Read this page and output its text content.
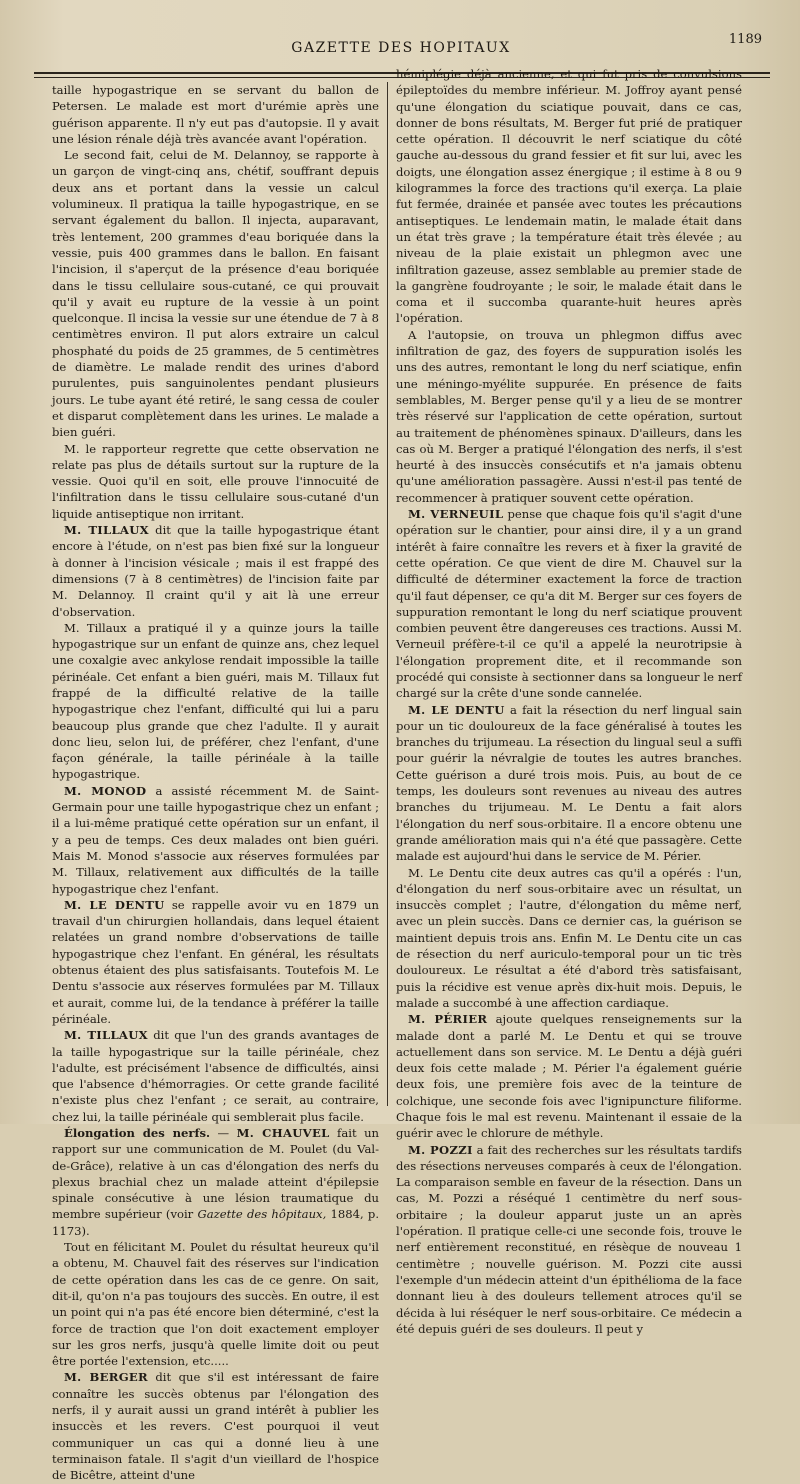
GAZETTE DES HOPITAUX
1189

taille hypogastrique en se servant du ballon de Petersen. Le malade est mort d'urémie après une guérison apparente. Il n'y eut pas d'autopsie. Il y avait une lésion rénale déjà très avancée avant l'opération.

Le second fait, celui de M. Delannoy, se rapporte à un garçon de vingt-cinq ans, chétif, souffrant depuis deux ans et portant dans la vessie un calcul volumineux. Il pratiqua la taille hypogastrique, en se servant également du ballon. Il injecta, auparavant, très lentement, 200 grammes d'eau boriquée dans la vessie, puis 400 grammes dans le ballon. En faisant l'incision, il s'aperçut de la présence d'eau boriquée dans le tissu cellulaire sous-cutané, ce qui prouvait qu'il y avait eu rupture de la vessie à un point quelconque. Il incisa la vessie sur une étendue de 7 à 8 centimètres environ. Il put alors extraire un calcul phosphaté du poids de 25 grammes, de 5 centimètres de diamètre. Le malade rendit des urines d'abord purulentes, puis sanguinolentes pendant plusieurs jours. Le tube ayant été retiré, le sang cessa de couler et disparut complètement dans les urines. Le malade a bien guéri.

M. le rapporteur regrette que cette observation ne relate pas plus de détails surtout sur la rupture de la vessie. Quoi qu'il en soit, elle prouve l'innocuité de l'infiltration dans le tissu cellulaire sous-cutané d'un liquide antiseptique non irritant.

M. TILLAUX dit que la taille hypogastrique étant encore à l'étude, on n'est pas bien fixé sur la longueur à donner à l'incision vésicale ; mais il est frappé des dimensions (7 à 8 centimètres) de l'incision faite par M. Delannoy. Il craint qu'il y ait là une erreur d'observation.

M. Tillaux a pratiqué il y a quinze jours la taille hypogastrique sur un enfant de quinze ans, chez lequel une coxalgie avec ankylose rendait impossible la taille périnéale. Cet enfant a bien guéri, mais M. Tillaux fut frappé de la difficulté relative de la taille hypogastrique chez l'enfant, difficulté qui lui a paru beaucoup plus grande que chez l'adulte. Il y aurait donc lieu, selon lui, de préférer, chez l'enfant, d'une façon générale, la taille périnéale à la taille hypogastrique.

M. MONOD a assisté récemment M. de Saint-Germain pour une taille hypogastrique chez un enfant ; il a lui-même pratiqué cette opération sur un enfant, il y a peu de temps. Ces deux malades ont bien guéri. Mais M. Monod s'associe aux réserves formulées par M. Tillaux, relativement aux difficultés de la taille hypogastrique chez l'enfant.

M. LE DENTU se rappelle avoir vu en 1879 un travail d'un chirurgien hollandais, dans lequel étaient relatées un grand nombre d'observations de taille hypogastrique chez l'enfant. En général, les résultats obtenus étaient des plus satisfaisants. Toutefois M. Le Dentu s'associe aux réserves formulées par M. Tillaux et aurait, comme lui, de la tendance à préférer la taille périnéale.

M. TILLAUX dit que l'un des grands avantages de la taille hypogastrique sur la taille périnéale, chez l'adulte, est précisément l'absence de difficultés, ainsi que l'absence d'hémorragies. Or cette grande facilité n'existe plus chez l'enfant ; ce serait, au contraire, chez lui, la taille périnéale qui semblerait plus facile.

Élongation des nerfs. — M. CHAUVEL fait un rapport sur une communication de M. Poulet (du Val-de-Grâce), relative à un cas d'élongation des nerfs du plexus brachial chez un malade atteint d'épilepsie spinale consécutive à une lésion traumatique du membre supérieur (voir Gazette des hôpitaux, 1884, p. 1173).

Tout en félicitant M. Poulet du résultat heureux qu'il a obtenu, M. Chauvel fait des réserves sur l'indication de cette opération dans les cas de ce genre. On sait, dit-il, qu'on n'a pas toujours des succès. En outre, il est un point qui n'a pas été encore bien déterminé, c'est la force de traction que l'on doit exactement employer sur les gros nerfs, jusqu'à quelle limite doit ou peut être portée l'extension, etc.....

M. BERGER dit que s'il est intéressant de faire connaître les succès obtenus par l'élongation des nerfs, il y aurait aussi un grand intérêt à publier les insuccès et les revers. C'est pourquoi il veut communiquer un cas qui a donné lieu à une terminaison fatale. Il s'agit d'un vieillard de l'hospice de Bicêtre, atteint d'une

hémiplégie déjà ancienne, et qui fut pris de convulsions épileptoïdes du membre inférieur. M. Joffroy ayant pensé qu'une élongation du sciatique pouvait, dans ce cas, donner de bons résultats, M. Berger fut prié de pratiquer cette opération. Il découvrit le nerf sciatique du côté gauche au-dessous du grand fessier et fit sur lui, avec les doigts, une élongation assez énergique ; il estime à 8 ou 9 kilogrammes la force des tractions qu'il exerça. La plaie fut fermée, drainée et pansée avec toutes les précautions antiseptiques. Le lendemain matin, le malade était dans un état très grave ; la température était très élevée ; au niveau de la plaie existait un phlegmon avec une infiltration gazeuse, assez semblable au premier stade de la gangrène foudroyante ; le soir, le malade était dans le coma et il succomba quarante-huit heures après l'opération.

A l'autopsie, on trouva un phlegmon diffus avec infiltration de gaz, des foyers de suppuration isolés les uns des autres, remontant le long du nerf sciatique, enfin une méningo-myélite suppurée. En présence de faits semblables, M. Berger pense qu'il y a lieu de se montrer très réservé sur l'application de cette opération, surtout au traitement de phénomènes spinaux. D'ailleurs, dans les cas où M. Berger a pratiqué l'élongation des nerfs, il s'est heurté à des insuccès consécutifs et n'a jamais obtenu qu'une amélioration passagère. Aussi n'est-il pas tenté de recommencer à pratiquer souvent cette opération.

M. VERNEUIL pense que chaque fois qu'il s'agit d'une opération sur le chantier, pour ainsi dire, il y a un grand intérêt à faire connaître les revers et à fixer la gravité de cette opération. Ce que vient de dire M. Chauvel sur la difficulté de déterminer exactement la force de traction qu'il faut dépenser, ce qu'a dit M. Berger sur ces foyers de suppuration remontant le long du nerf sciatique prouvent combien peuvent être dangereuses ces tractions. Aussi M. Verneuil préfère-t-il ce qu'il a appelé la neurotripsie à l'élongation proprement dite, et il recommande son procédé qui consiste à sectionner dans sa longueur le nerf chargé sur la crête d'une sonde cannelée.

M. LE DENTU a fait la résection du nerf lingual sain pour un tic douloureux de la face généralisé à toutes les branches du trijumeau. La résection du lingual seul a suffi pour guérir la névralgie de toutes les autres branches. Cette guérison a duré trois mois. Puis, au bout de ce temps, les douleurs sont revenues au niveau des autres branches du trijumeau. M. Le Dentu a fait alors l'élongation du nerf sous-orbitaire. Il a encore obtenu une grande amélioration mais qui n'a été que passagère. Cette malade est aujourd'hui dans le service de M. Périer.

M. Le Dentu cite deux autres cas qu'il a opérés : l'un, d'élongation du nerf sous-orbitaire avec un résultat, un insuccès complet ; l'autre, d'élongation du même nerf, avec un plein succès. Dans ce dernier cas, la guérison se maintient depuis trois ans. Enfin M. Le Dentu cite un cas de résection du nerf auriculo-temporal pour un tic très douloureux. Le résultat a été d'abord très satisfaisant, puis la récidive est venue après dix-huit mois. Depuis, le malade a succombé à une affection cardiaque.

M. PÉRIER ajoute quelques renseignements sur la malade dont a parlé M. Le Dentu et qui se trouve actuellement dans son service. M. Le Dentu a déjà guéri deux fois cette malade ; M. Périer l'a également guérie deux fois, une première fois avec de la teinture de colchique, une seconde fois avec l'ignipuncture filiforme. Chaque fois le mal est revenu. Maintenant il essaie de la guérir avec le chlorure de méthyle.

M. POZZI a fait des recherches sur les résultats tardifs des résections nerveuses comparés à ceux de l'élongation. La comparaison semble en faveur de la résection. Dans un cas, M. Pozzi a réséqué 1 centimètre du nerf sous-orbitaire ; la douleur apparut juste un an après l'opération. Il pratique celle-ci une seconde fois, trouve le nerf entièrement reconstitué, en résèque de nouveau 1 centimètre ; nouvelle guérison. M. Pozzi cite aussi l'exemple d'un médecin atteint d'un épithélioma de la face donnant lieu à des douleurs tellement atroces qu'il se décida à lui réséquer le nerf sous-orbitaire. Ce médecin a été depuis guéri de ses douleurs. Il peut y
